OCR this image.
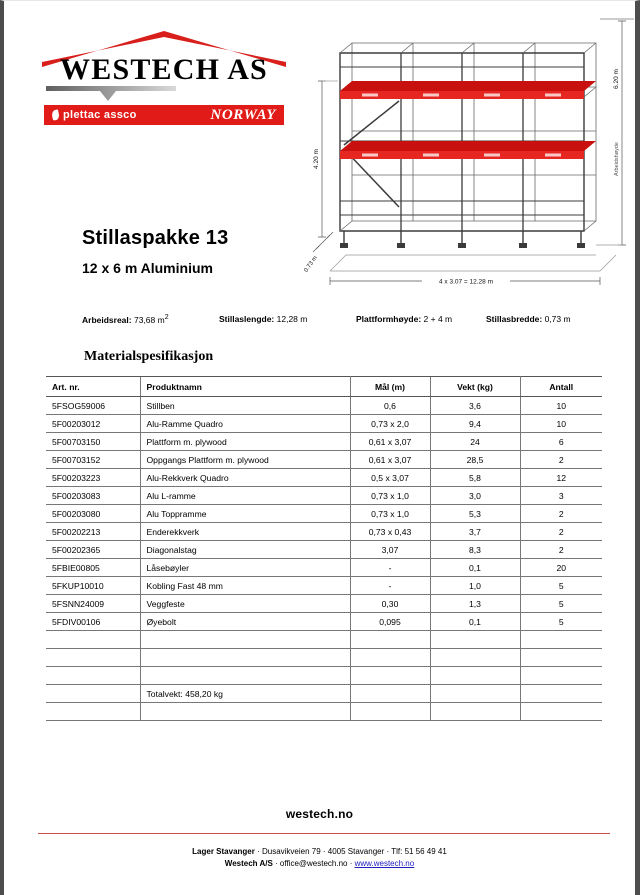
WESTECH AS
plettac assco	NORWAY
4 x 3.07 = 12.28 m
4.20 m
0.73 m
6.20 m
Arbeidshøyde
Stillaspakke 13
12 x 6 m Aluminium
Arbeidsreal: 73,68 $m^2$	Stillaslengde: 12,28 m	Plattformhøyde: 2 + 4 m	Stillasbredde: 0,73 m
Materialspesifikasjon
Art. nr.	Produktnamn	Mål (m)	Vekt (kg)	Antall
5FSOG59006	Stillben	0,6	3,6	10
5F00203012	Alu-Ramme Quadro	0,73 x 2,0	9,4	10
5F00703150	Plattform m. plywood	0,61 x 3,07	24	6
5F00703152	Oppgangs Plattform m. plywood	0,61 x 3,07	28,5	2
5F00203223	Alu-Rekkverk Quadro	0,5 x 3,07	5,8	12
5F00203083	Alu L-ramme	0,73 x 1,0	3,0	3
5F00203080	Alu Toppramme	0,73 x 1,0	5,3	2
5F00202213	Enderekkverk	0,73 x 0,43	3,7	2
5F00202365	Diagonalstag	3,07	8,3	2
5FBIE00805	Låsebøyler	-	0,1	20
5FKUP10010	Kobling Fast 48 mm	-	1,0	5
5FSNN24009	Veggfeste	0,30	1,3	5
5FDIV00106	Øyebolt	0,095	0,1	5

	Totalvekt: 458,20 kg			

westech.no
Lager Stavanger · Dusavikveien 79 · 4005 Stavanger · Tlf: 51 56 49 41
Westech A/S · office@westech.no · www.westech.no
